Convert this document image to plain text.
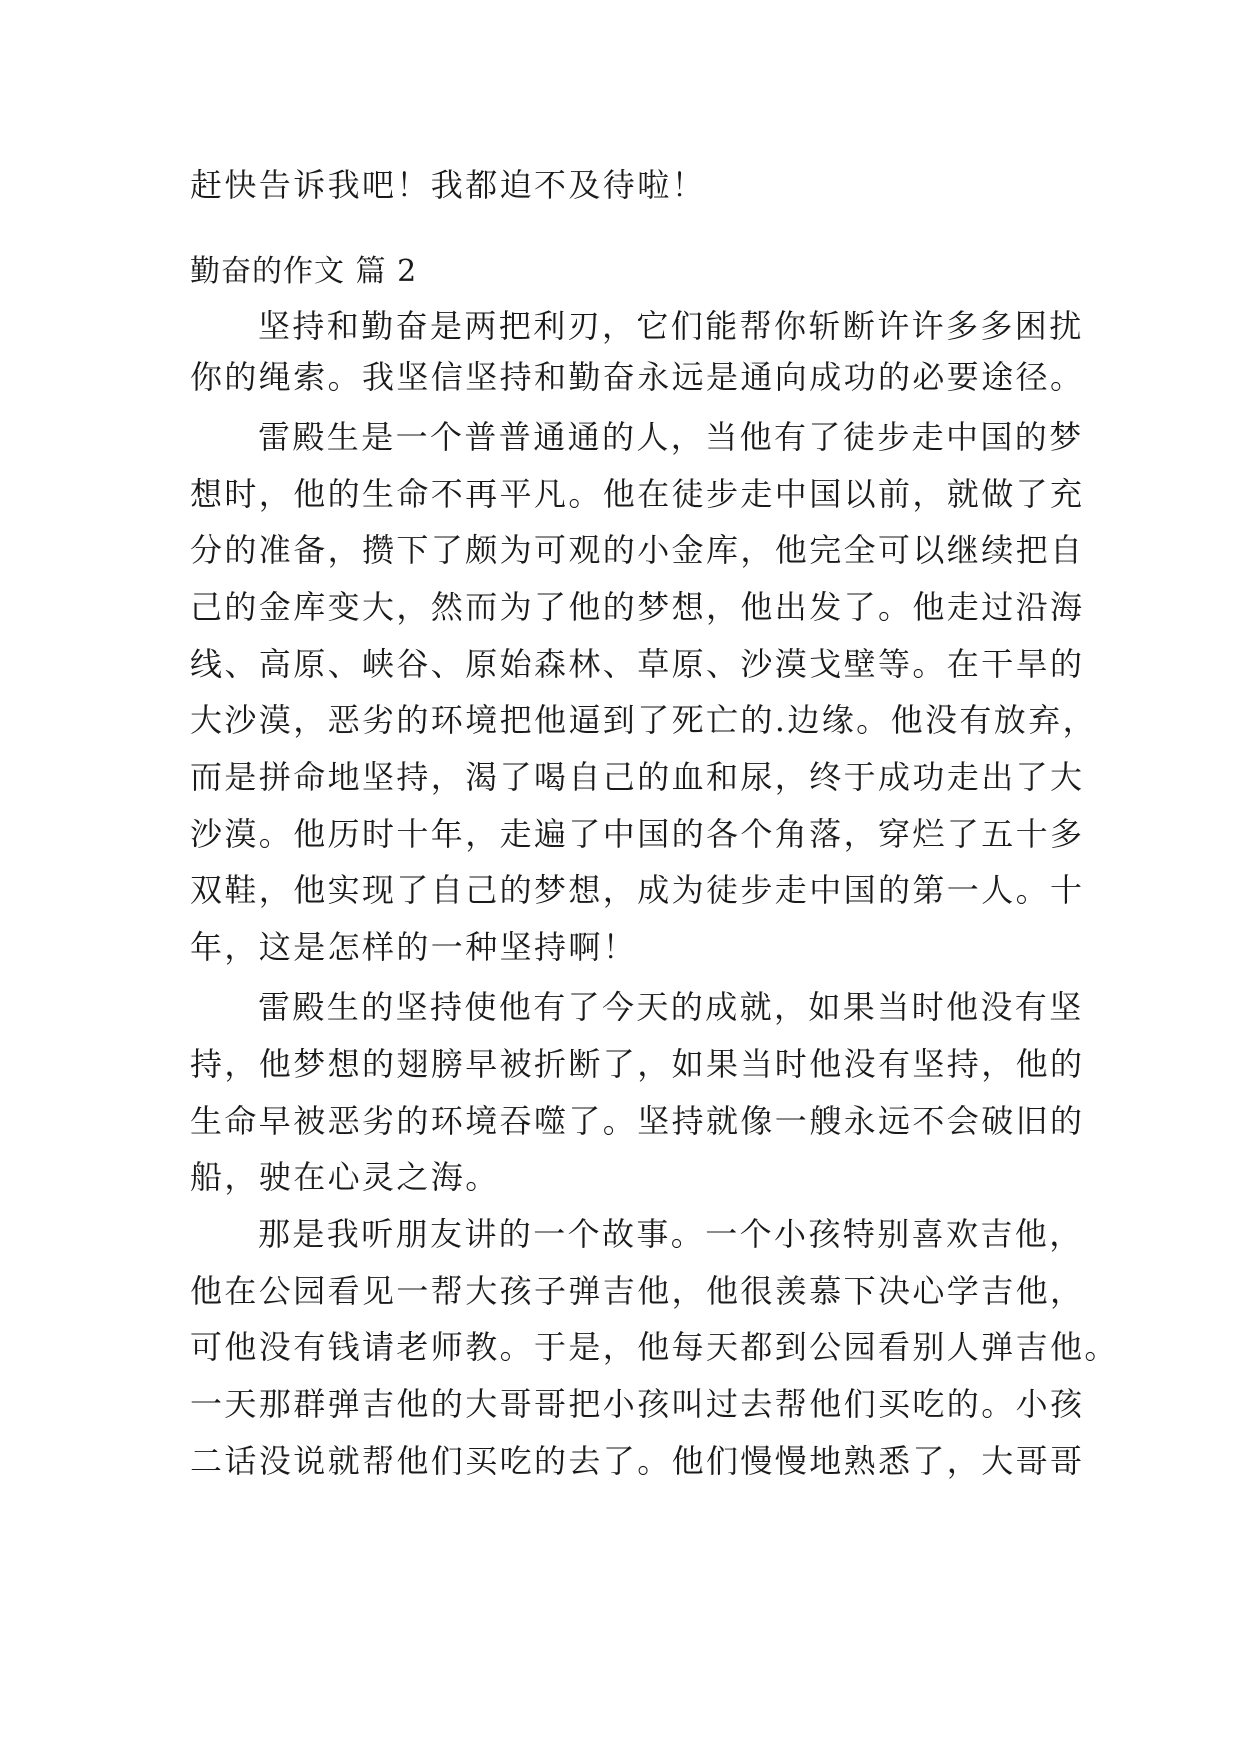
赶快告诉我吧！我都迫不及待啦！
勤奋的作文 篇 2
坚持和勤奋是两把利刃，它们能帮你斩断许许多多困扰
你的绳索。我坚信坚持和勤奋永远是通向成功的必要途径。
雷殿生是一个普普通通的人，当他有了徒步走中国的梦
想时，他的生命不再平凡。他在徒步走中国以前，就做了充
分的准备，攒下了颇为可观的小金库，他完全可以继续把自
己的金库变大，然而为了他的梦想，他出发了。他走过沿海
线、高原、峡谷、原始森林、草原、沙漠戈壁等。在干旱的
大沙漠，恶劣的环境把他逼到了死亡的.边缘。他没有放弃，
而是拼命地坚持，渴了喝自己的血和尿，终于成功走出了大
沙漠。他历时十年，走遍了中国的各个角落，穿烂了五十多
双鞋，他实现了自己的梦想，成为徒步走中国的第一人。十
年，这是怎样的一种坚持啊！
雷殿生的坚持使他有了今天的成就，如果当时他没有坚
持，他梦想的翅膀早被折断了，如果当时他没有坚持，他的
生命早被恶劣的环境吞噬了。坚持就像一艘永远不会破旧的
船，驶在心灵之海。
那是我听朋友讲的一个故事。一个小孩特别喜欢吉他，
他在公园看见一帮大孩子弹吉他，他很羡慕下决心学吉他，
可他没有钱请老师教。于是，他每天都到公园看别人弹吉他。
一天那群弹吉他的大哥哥把小孩叫过去帮他们买吃的。小孩
二话没说就帮他们买吃的去了。他们慢慢地熟悉了，大哥哥
